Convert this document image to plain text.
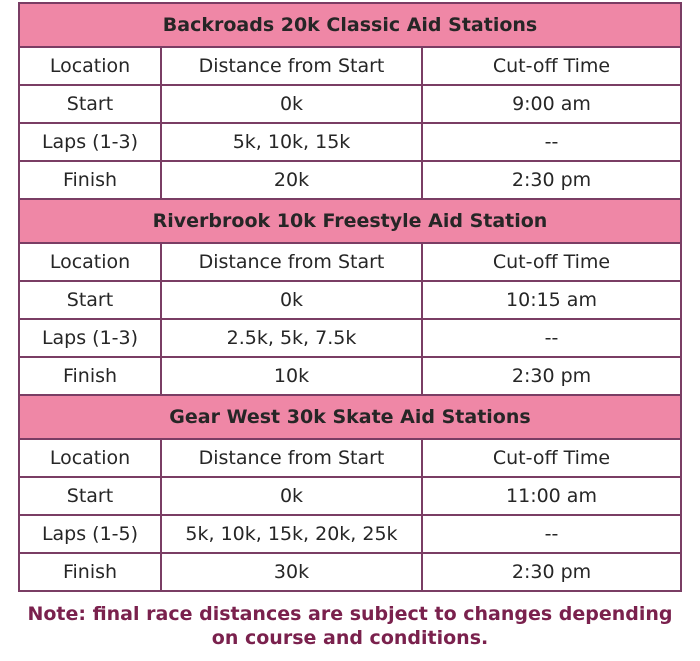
Backroads 20k Classic Aid Stations		
Location	Distance from Start	Cut-off Time
Start	0k	9:00 am
Laps (1-3)	5k, 10k, 15k	--
Finish	20k	2:30 pm
Riverbrook 10k Freestyle Aid Station		
Location	Distance from Start	Cut-off Time
Start	0k	10:15 am
Laps (1-3)	2.5k, 5k, 7.5k	--
Finish	10k	2:30 pm
Gear West 30k Skate Aid Stations		
Location	Distance from Start	Cut-off Time
Start	0k	11:00 am
Laps (1-5)	5k, 10k, 15k, 20k, 25k	--
Finish	30k	2:30 pm
Note: final race distances are subject to changes depending
on course and conditions.
